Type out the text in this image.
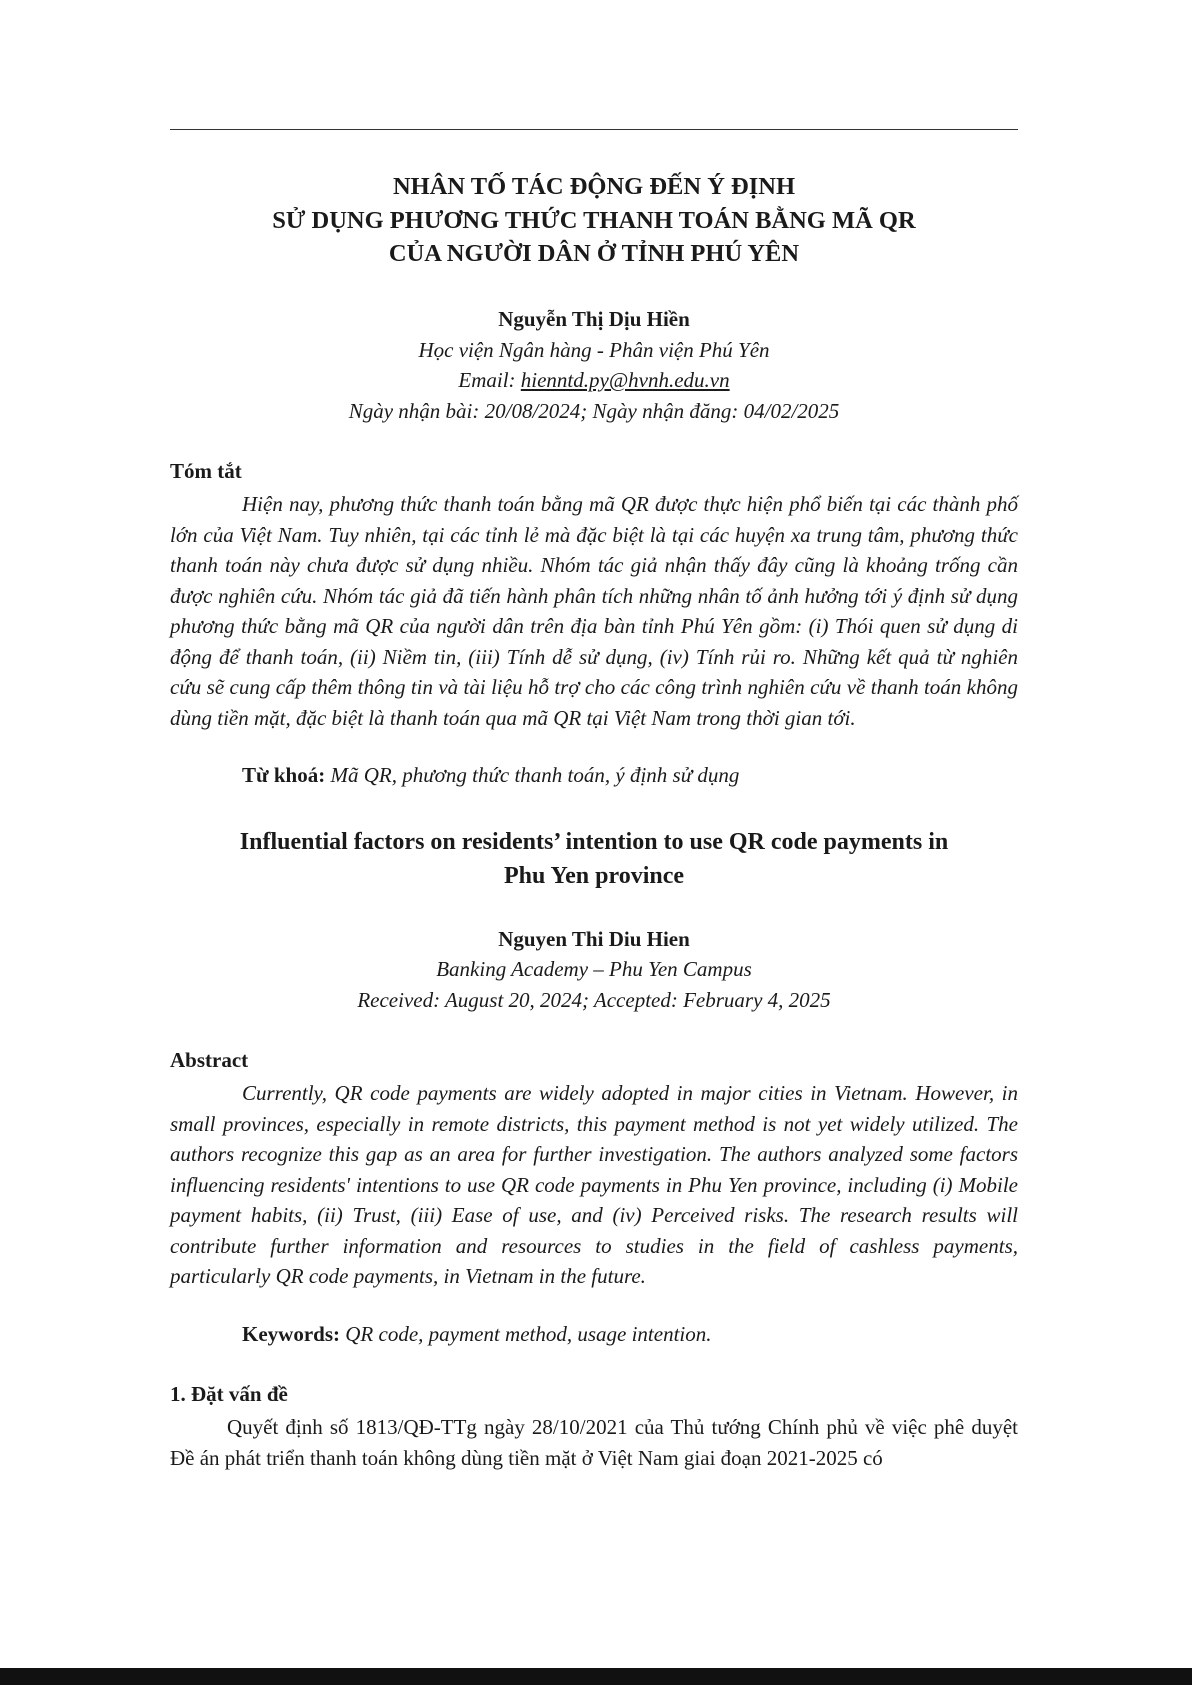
NHÂN TỐ TÁC ĐỘNG ĐẾN Ý ĐỊNH
SỬ DỤNG PHƯƠNG THỨC THANH TOÁN BẰNG MÃ QR
CỦA NGƯỜI DÂN Ở TỈNH PHÚ YÊN
Nguyễn Thị Dịu Hiền
Học viện Ngân hàng - Phân viện Phú Yên
Email: hienntd.py@hvnh.edu.vn
Ngày nhận bài: 20/08/2024; Ngày nhận đăng: 04/02/2025
Tóm tắt

Hiện nay, phương thức thanh toán bằng mã QR được thực hiện phổ biến tại các thành phố lớn của Việt Nam. Tuy nhiên, tại các tỉnh lẻ mà đặc biệt là tại các huyện xa trung tâm, phương thức thanh toán này chưa được sử dụng nhiều. Nhóm tác giả nhận thấy đây cũng là khoảng trống cần được nghiên cứu. Nhóm tác giả đã tiến hành phân tích những nhân tố ảnh hưởng tới ý định sử dụng phương thức bằng mã QR của người dân trên địa bàn tỉnh Phú Yên gồm: (i) Thói quen sử dụng di động để thanh toán, (ii) Niềm tin, (iii) Tính dễ sử dụng, (iv) Tính rủi ro. Những kết quả từ nghiên cứu sẽ cung cấp thêm thông tin và tài liệu hỗ trợ cho các công trình nghiên cứu về thanh toán không dùng tiền mặt, đặc biệt là thanh toán qua mã QR tại Việt Nam trong thời gian tới.

Từ khoá: Mã QR, phương thức thanh toán, ý định sử dụng
Influential factors on residents’ intention to use QR code payments in
Phu Yen province
Nguyen Thi Diu Hien
Banking Academy – Phu Yen Campus
Received: August 20, 2024; Accepted: February 4, 2025
Abstract

Currently, QR code payments are widely adopted in major cities in Vietnam. However, in small provinces, especially in remote districts, this payment method is not yet widely utilized. The authors recognize this gap as an area for further investigation. The authors analyzed some factors influencing residents' intentions to use QR code payments in Phu Yen province, including (i) Mobile payment habits, (ii) Trust, (iii) Ease of use, and (iv) Perceived risks. The research results will contribute further information and resources to studies in the field of cashless payments, particularly QR code payments, in Vietnam in the future.

Keywords: QR code, payment method, usage intention.
1. Đặt vấn đề

Quyết định số 1813/QĐ-TTg ngày 28/10/2021 của Thủ tướng Chính phủ về việc phê duyệt Đề án phát triển thanh toán không dùng tiền mặt ở Việt Nam giai đoạn 2021-2025 có
